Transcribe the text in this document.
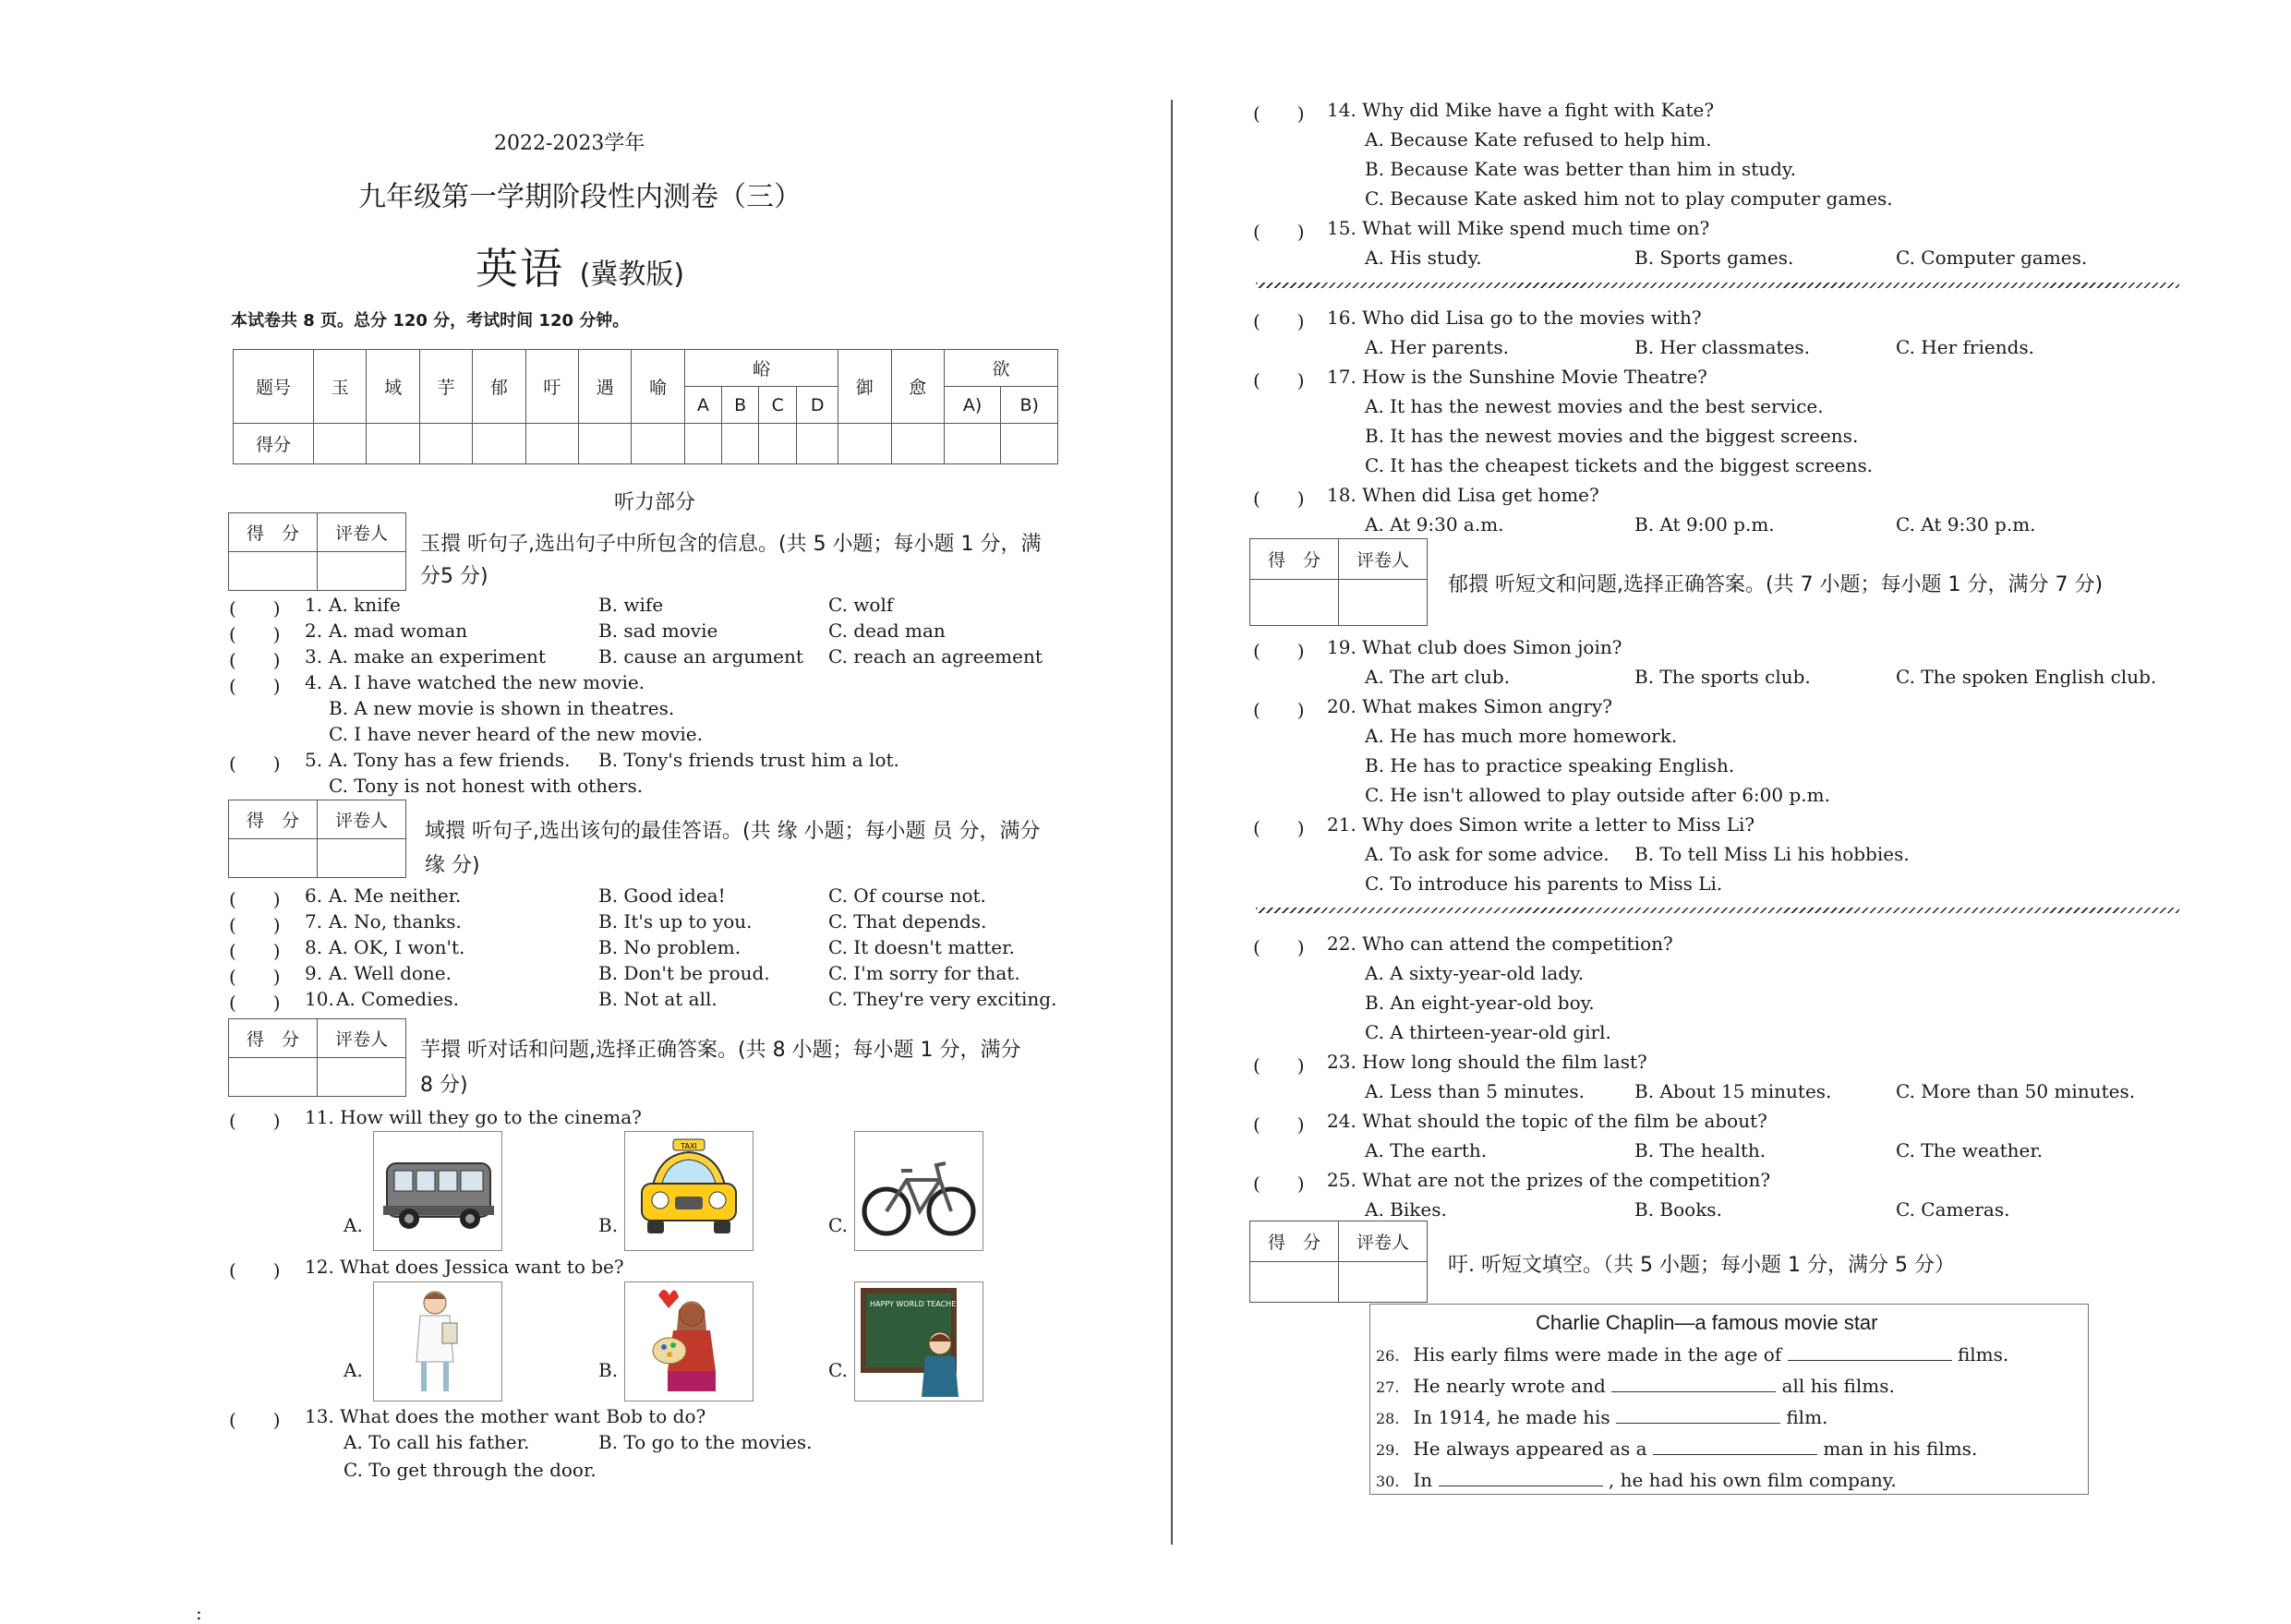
2022-2023学年
九年级第一学期阶段性内测卷（三）
英语 (冀教版)
本试卷共 8 页。总分 120 分，考试时间 120 分钟。
题号	玉	域	芋	郁	吁	遇	喻	峪				御	愈	欲	
								A	B	C	D			A)	B)
得分															
听力部分
得　分	评卷人
	玉擐 听句子,选出句子中所包含的信息。(共 5 小题；每小题 1 分，满
分5 分)
(　　) 1. A. knife	B. wife	C. wolf
(　　) 2. A. mad woman	B. sad movie	C. dead man
(　　) 3. A. make an experiment	B. cause an argument C. reach an agreement
(　　) 4. A. I have watched the new movie.
B. A new movie is shown in theatres.
C. I have never heard of the new movie.
(　　) 5. A. Tony has a few friends. B. Tony's friends trust him a lot.
C. Tony is not honest with others.
得　分	评卷人
	域擐 听句子,选出该句的最佳答语。(共 缘 小题；每小题 员 分，满分
缘 分)
(　　) 6. A. Me neither.	B. Good idea!	C. Of course not.
(　　) 7. A. No, thanks.	B. It's up to you.	C. That depends.
(　　) 8. A. OK, I won't.	B. No problem.	C. It doesn't matter.
(　　) 9. A. Well done.	B. Don't be proud.	C. I'm sorry for that.
(　　) 10. A. Comedies.	B. Not at all.	C. They're very exciting.
得　分	评卷人
	芋擐 听对话和问题,选择正确答案。(共 8 小题；每小题 1 分，满分
8 分)
(　　) 11. How will they go to the cinema?
A.	B.	C.
TAXI
(　　) 12. What does Jessica want to be?
A.	B.	C.
HAPPY WORLD TEACHER'S DAY
(　　) 13. What does the mother want Bob to do?
A. To call his father.	B. To go to the movies.
C. To get through the door.
:
(　　) 14. Why did Mike have a fight with Kate?
A. Because Kate refused to help him.
B. Because Kate was better than him in study.
C. Because Kate asked him not to play computer games.
(　　) 15. What will Mike spend much time on?
A. His study.	B. Sports games.	C. Computer games.
(　　) 16. Who did Lisa go to the movies with?
A. Her parents.	B. Her classmates.	C. Her friends.
(　　) 17. How is the Sunshine Movie Theatre?
A. It has the newest movies and the best service.
B. It has the newest movies and the biggest screens.
C. It has the cheapest tickets and the biggest screens.
(　　) 18. When did Lisa get home?
A. At 9:30 a.m.	B. At 9:00 p.m.	C. At 9:30 p.m.
得　分	评卷人

郁擐 听短文和问题,选择正确答案。(共 7 小题；每小题 1 分，满分 7 分)
(　　) 19. What club does Simon join?
A. The art club.	B. The sports club.	C. The spoken English club.
(　　) 20. What makes Simon angry?
A. He has much more homework.
B. He has to practice speaking English.
C. He isn't allowed to play outside after 6:00 p.m.
(　　) 21. Why does Simon write a letter to Miss Li?
A. To ask for some advice. B. To tell Miss Li his hobbies.
C. To introduce his parents to Miss Li.
(　　) 22. Who can attend the competition?
A. A sixty-year-old lady.
B. An eight-year-old boy.
C. A thirteen-year-old girl.
(　　) 23. How long should the film last?
A. Less than 5 minutes.	B. About 15 minutes.	C. More than 50 minutes.
(　　) 24. What should the topic of the film be about?
A. The earth.	B. The health.	C. The weather.
(　　) 25. What are not the prizes of the competition?
A. Bikes.	B. Books.	C. Cameras.
得　分	评卷人

吁. 听短文填空。（共 5 小题；每小题 1 分，满分 5 分）
Charlie Chaplin—a famous movie star
26. His early films were made in the age of	films.
27. He nearly wrote and	all his films.
28. In 1914, he made his	film.
29. He always appeared as a	man in his films.
30. In	, he had his own film company.
